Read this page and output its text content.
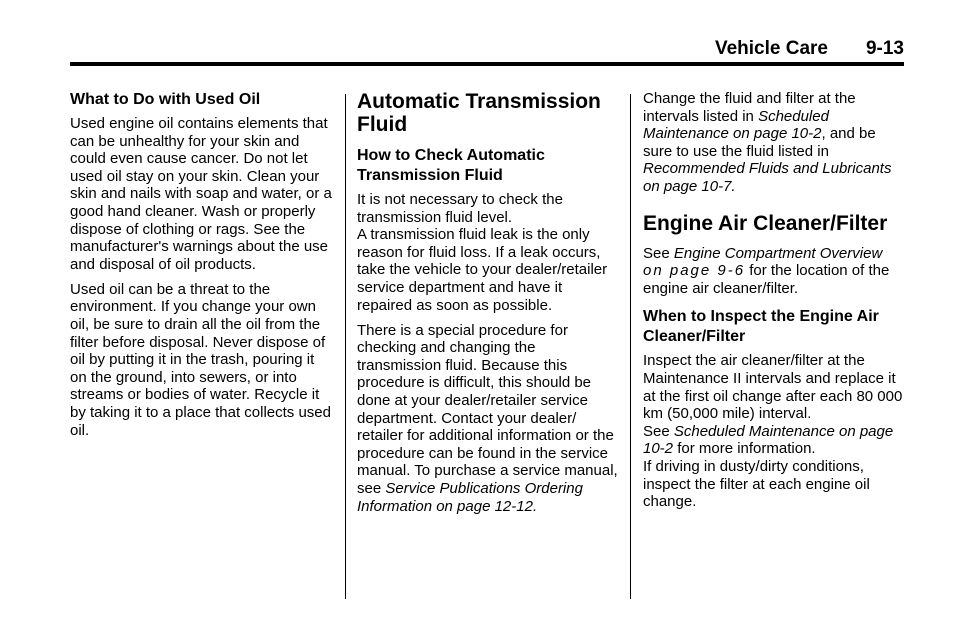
Vehicle Care 9-13
What to Do with Used Oil

Used engine oil contains elements that can be unhealthy for your skin and could even cause cancer. Do not let used oil stay on your skin. Clean your skin and nails with soap and water, or a good hand cleaner. Wash or properly dispose of clothing or rags. See the manufacturer's warnings about the use and disposal of oil products.

Used oil can be a threat to the environment. If you change your own oil, be sure to drain all the oil from the filter before disposal. Never dispose of oil by putting it in the trash, pouring it on the ground, into sewers, or into streams or bodies of water. Recycle it by taking it to a place that collects used oil.

Automatic Transmission Fluid
How to Check Automatic Transmission Fluid

It is not necessary to check the transmission fluid level.
A transmission fluid leak is the only reason for fluid loss. If a leak occurs, take the vehicle to your dealer/retailer service department and have it repaired as soon as possible.

There is a special procedure for checking and changing the transmission fluid. Because this procedure is difficult, this should be done at your dealer/retailer service department. Contact your dealer/ retailer for additional information or the procedure can be found in the service manual. To purchase a service manual, see Service Publications Ordering Information on page 12-12.

Change the fluid and filter at the intervals listed in Scheduled Maintenance on page 10-2, and be sure to use the fluid listed in Recommended Fluids and Lubricants on page 10-7.

Engine Air Cleaner/Filter

See Engine Compartment Overview
on page 9-6 for the location of the engine air cleaner/filter.

When to Inspect the Engine Air Cleaner/Filter

Inspect the air cleaner/filter at the Maintenance II intervals and replace it at the first oil change after each 80 000 km (50,000 mile) interval.
See Scheduled Maintenance on page 10-2 for more information.
If driving in dusty/dirty conditions, inspect the filter at each engine oil change.
